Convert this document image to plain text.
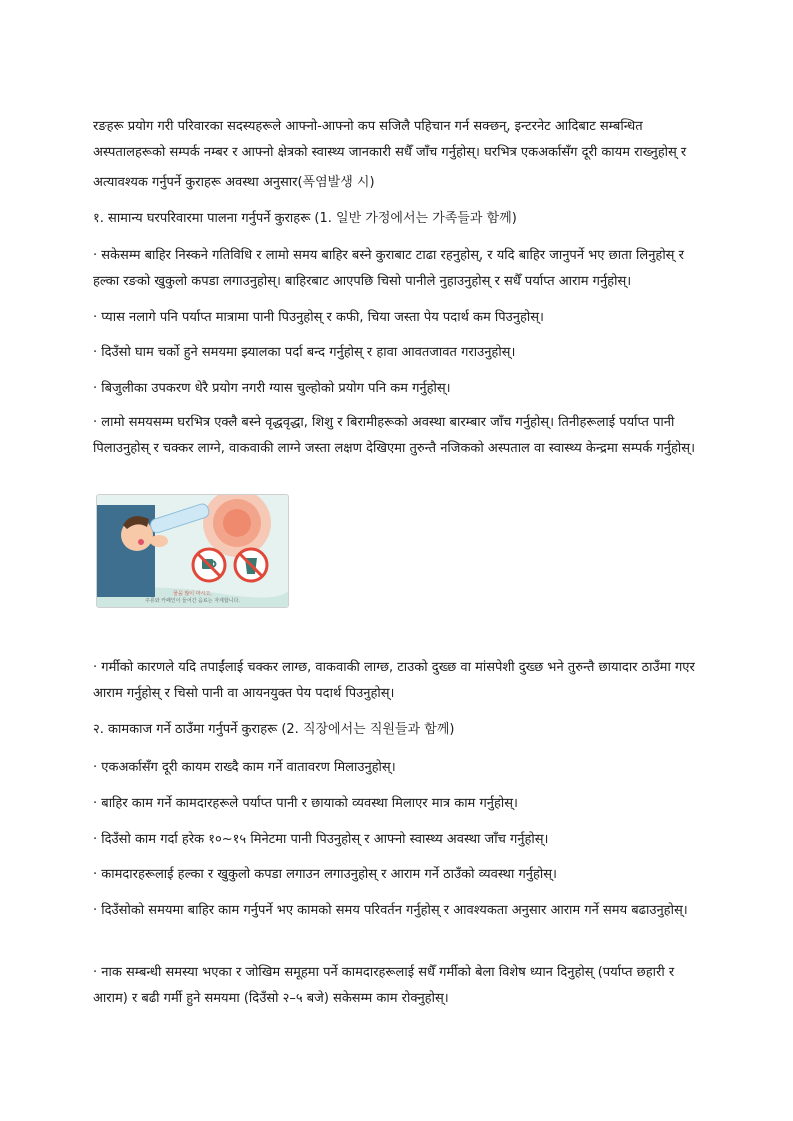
रङहरू प्रयोग गरी परिवारका सदस्यहरूले आफ्नो-आफ्नो कप सजिलै पहिचान गर्न सक्छन्, इन्टरनेट आदिबाट सम्बन्धित अस्पतालहरूको सम्पर्क नम्बर र आफ्नो क्षेत्रको स्वास्थ्य जानकारी सधैँ जाँच गर्नुहोस्। घरभित्र एकअर्कासँग दूरी कायम राख्नुहोस् र

अत्यावश्यक गर्नुपर्ने कुराहरू अवस्था अनुसार(폭염발생 시)

१. सामान्य घरपरिवारमा पालना गर्नुपर्ने कुराहरू (1. 일반 가정에서는 가족들과 함께)

· सकेसम्म बाहिर निस्कने गतिविधि र लामो समय बाहिर बस्ने कुराबाट टाढा रहनुहोस्, र यदि बाहिर जानुपर्ने भए छाता लिनुहोस् र हल्का रङको खुकुलो कपडा लगाउनुहोस्। बाहिरबाट आएपछि चिसो पानीले नुहाउनुहोस् र सधैँ पर्याप्त आराम गर्नुहोस्।

· प्यास नलागे पनि पर्याप्त मात्रामा पानी पिउनुहोस् र कफी, चिया जस्ता पेय पदार्थ कम पिउनुहोस्।

· दिउँसो घाम चर्को हुने समयमा झ्यालका पर्दा बन्द गर्नुहोस् र हावा आवतजावत गराउनुहोस्।

· बिजुलीका उपकरण धेरै प्रयोग नगरी ग्यास चुल्होको प्रयोग पनि कम गर्नुहोस्।

· लामो समयसम्म घरभित्र एक्लै बस्ने वृद्धवृद्धा, शिशु र बिरामीहरूको अवस्था बारम्बार जाँच गर्नुहोस्। तिनीहरूलाई पर्याप्त पानी पिलाउनुहोस् र चक्कर लाग्ने, वाकवाकी लाग्ने जस्ता लक्षण देखिएमा तुरुन्तै नजिकको अस्पताल वा स्वास्थ्य केन्द्रमा सम्पर्क गर्नुहोस्।

물을 많이 마시고,
주류와 카페인이 들어간 음료는 자제합니다.

· गर्मीको कारणले यदि तपाईंलाई चक्कर लाग्छ, वाकवाकी लाग्छ, टाउको दुख्छ वा मांसपेशी दुख्छ भने तुरुन्तै छायादार ठाउँमा गएर आराम गर्नुहोस् र चिसो पानी वा आयनयुक्त पेय पदार्थ पिउनुहोस्।

२. कामकाज गर्ने ठाउँमा गर्नुपर्ने कुराहरू (2. 직장에서는 직원들과 함께)

· एकअर्कासँग दूरी कायम राख्दै काम गर्ने वातावरण मिलाउनुहोस्।

· बाहिर काम गर्ने कामदारहरूले पर्याप्त पानी र छायाको व्यवस्था मिलाएर मात्र काम गर्नुहोस्।

· दिउँसो काम गर्दा हरेक १०~१५ मिनेटमा पानी पिउनुहोस् र आफ्नो स्वास्थ्य अवस्था जाँच गर्नुहोस्।

· कामदारहरूलाई हल्का र खुकुलो कपडा लगाउन लगाउनुहोस् र आराम गर्ने ठाउँको व्यवस्था गर्नुहोस्।

· दिउँसोको समयमा बाहिर काम गर्नुपर्ने भए कामको समय परिवर्तन गर्नुहोस् र आवश्यकता अनुसार आराम गर्ने समय बढाउनुहोस्।

· नाक सम्बन्धी समस्या भएका र जोखिम समूहमा पर्ने कामदारहरूलाई सधैँ गर्मीको बेला विशेष ध्यान दिनुहोस् (पर्याप्त छहारी र आराम) र बढी गर्मी हुने समयमा (दिउँसो २–५ बजे) सकेसम्म काम रोक्नुहोस्।
